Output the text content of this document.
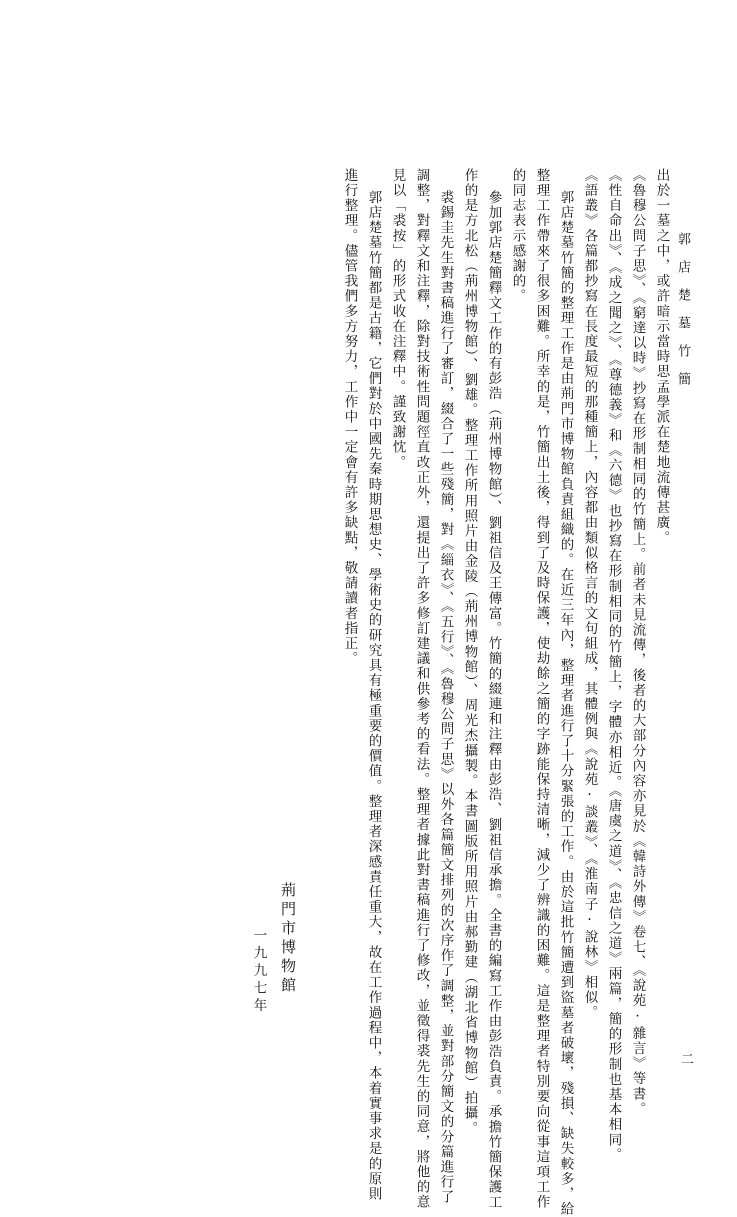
郭店楚墓竹簡
出於一墓之中，或許暗示當時思孟學派在楚地流傳甚廣。
《魯穆公問子思》、《窮達以時》抄寫在形制相同的竹簡上。前者未見流傳，後者的大部分內容亦見於《韓詩外傳》卷七、《說苑·雜言》等書。
《性自命出》、《成之聞之》、《尊德義》和《六德》也抄寫在形制相同的竹簡上，字體亦相近。《唐虞之道》、《忠信之道》兩篇，簡的形制也基本相同。
《語叢》各篇都抄寫在長度最短的那種簡上，內容都由類似格言的文句組成，其體例與《說苑·談叢》、《淮南子·說林》相似。
郭店楚墓竹簡的整理工作是由荊門市博物館負責組織的。在近三年內，整理者進行了十分緊張的工作。由於這批竹簡遭到盜墓者破壞，殘損、缺失較多，給
整理工作帶來了很多困難。所幸的是，竹簡出土後，得到了及時保護，使劫餘之簡的字跡能保持清晰，減少了辨識的困難。這是整理者特別要向從事這項工作
的同志表示感謝的。
參加郭店楚簡釋文工作的有彭浩（荊州博物館）、劉祖信及王傳富。竹簡的綴連和注釋由彭浩、劉祖信承擔。全書的編寫工作由彭浩負責。承擔竹簡保護工
作的是方北松（荊州博物館）、劉雄。整理工作所用照片由金陵（荊州博物館）、周光杰攝製。本書圖版所用照片由郝勤建（湖北省博物館）拍攝。
裘錫圭先生對書稿進行了審訂，綴合了一些殘簡，對《緇衣》、《五行》、《魯穆公問子思》以外各篇簡文排列的次序作了調整，並對部分簡文的分篇進行了
調整，對釋文和注釋，除對技術性問題徑直改正外，還提出了許多修訂建議和供參考的看法。整理者據此對書稿進行了修改，並徵得裘先生的同意，將他的意
見以「裘按」的形式收在注釋中。謹致謝忱。
郭店楚墓竹簡都是古籍，它們對於中國先秦時期思想史、學術史的研究具有極重要的價值。整理者深感責任重大，故在工作過程中，本着實事求是的原則
進行整理。儘管我們多方努力，工作中一定會有許多缺點，敬請讀者指正。
荊門市博物館
一九九七年
二
